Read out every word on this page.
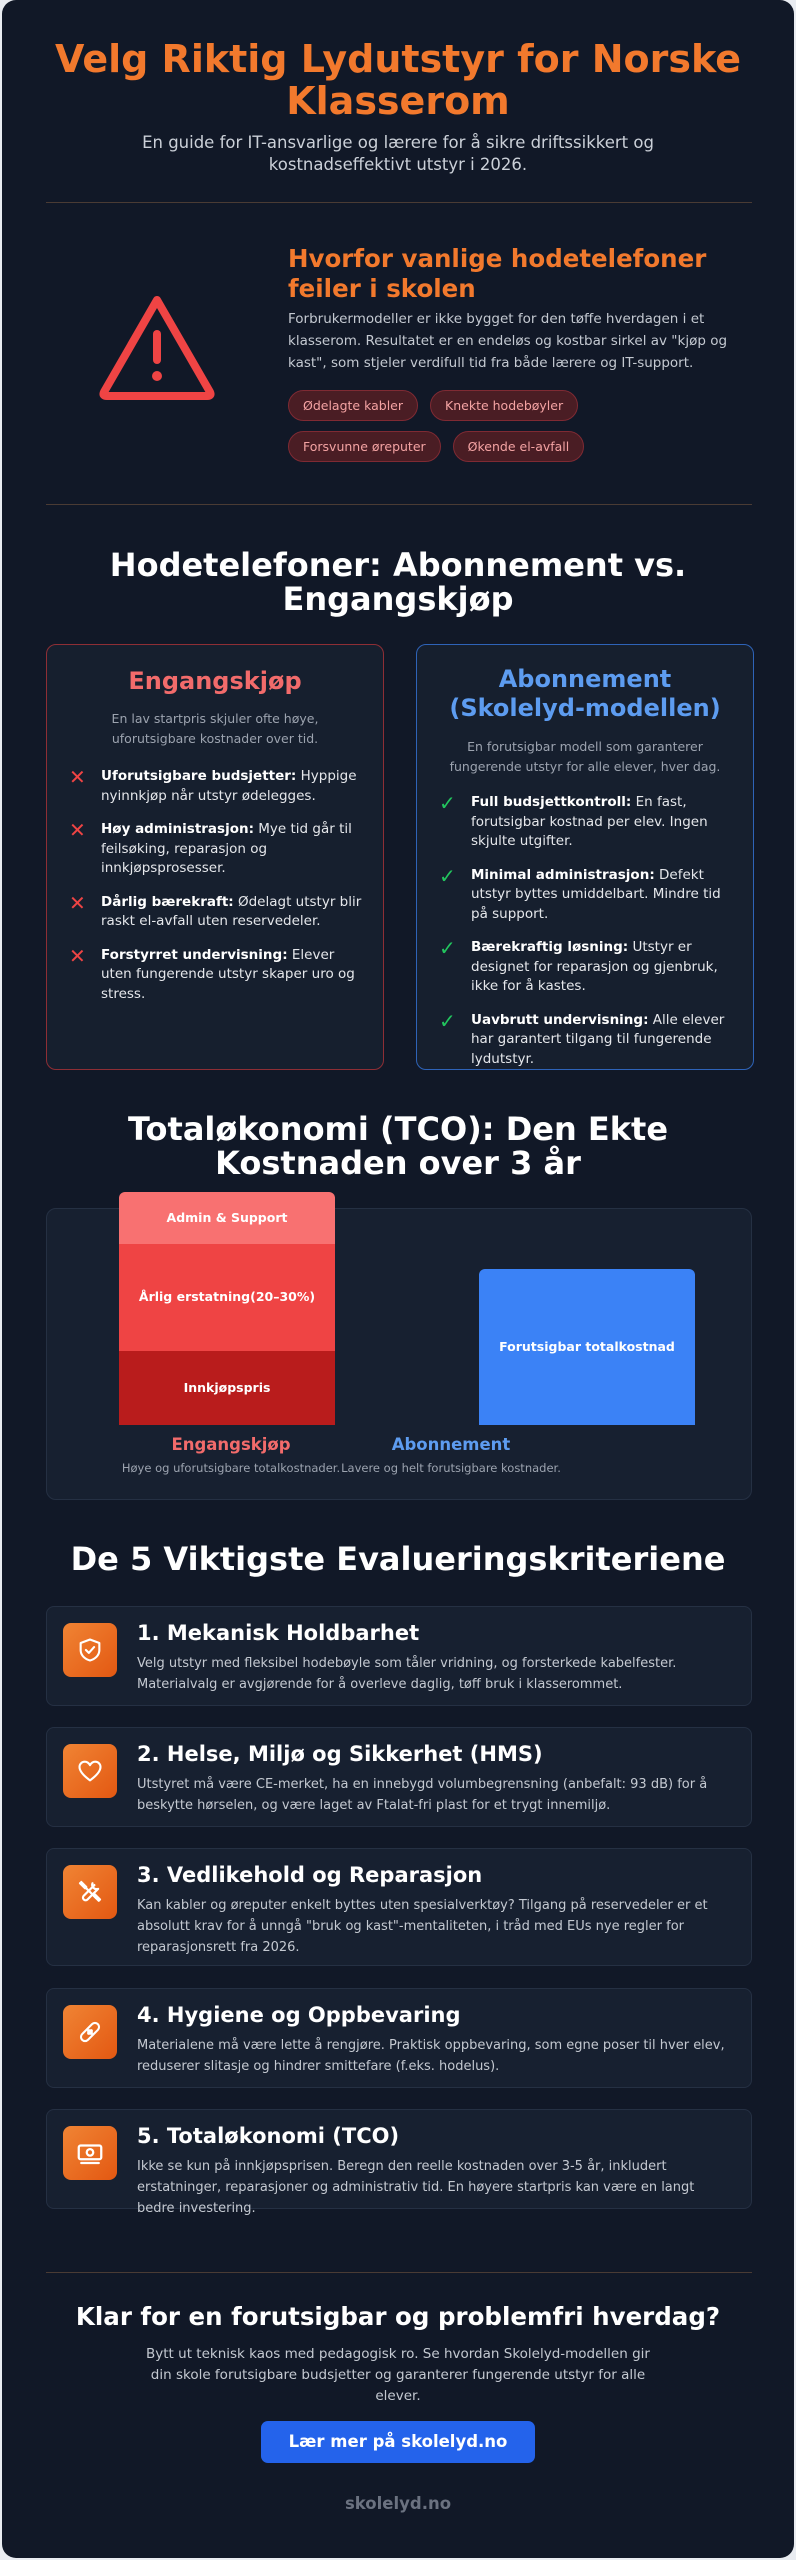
Velg Riktig Lydutstyr for Norske Klasserom

En guide for IT-ansvarlige og lærere for å sikre driftssikkert og kostnadseffektivt utstyr i 2026.

Hvorfor vanlige hodetelefoner feiler i skolen

Forbrukermodeller er ikke bygget for den tøffe hverdagen i et klasserom. Resultatet er en endeløs og kostbar sirkel av "kjøp og kast", som stjeler verdifull tid fra både lærere og IT-support.

Ødelagte kabler	Knekte hodebøyler
Forsvunne øreputer	Økende el-avfall
Hodetelefoner: Abonnement vs. Engangskjøp
Engangskjøp

En lav startpris skjuler ofte høye, uforutsigbare kostnader over tid.

✕ Uforutsigbare budsjetter: Hyppige nyinnkjøp når utstyr ødelegges.
✕ Høy administrasjon: Mye tid går til feilsøking, reparasjon og innkjøpsprosesser.
✕ Dårlig bærekraft: Ødelagt utstyr blir raskt el-avfall uten reservedeler.
✕ Forstyrret undervisning: Elever uten fungerende utstyr skaper uro og stress.
Abonnement (Skolelyd-modellen)

En forutsigbar modell som garanterer fungerende utstyr for alle elever, hver dag.

✓ Full budsjettkontroll: En fast, forutsigbar kostnad per elev. Ingen skjulte utgifter.
✓ Minimal administrasjon: Defekt utstyr byttes umiddelbart. Mindre tid på support.
✓ Bærekraftig løsning: Utstyr er designet for reparasjon og gjenbruk, ikke for å kastes.
✓ Uavbrutt undervisning: Alle elever har garantert tilgang til fungerende lydutstyr.
Totaløkonomi (TCO): Den Ekte Kostnaden over 3 år
Innkjøpspris
Årlig erstatning (20–30%)
Admin & Support
Forutsigbar totalkostnad
Engangskjøp
Høye og uforutsigbare totalkostnader.
Abonnement
Lavere og helt forutsigbare kostnader.
De 5 Viktigste Evalueringskriteriene
1. Mekanisk Holdbarhet

Velg utstyr med fleksibel hodebøyle som tåler vridning, og forsterkede kabelfester. Materialvalg er avgjørende for å overleve daglig, tøff bruk i klasserommet.

2. Helse, Miljø og Sikkerhet (HMS)

Utstyret må være CE-merket, ha en innebygd volumbegrensning (anbefalt: 93 dB) for å beskytte hørselen, og være laget av Ftalat-fri plast for et trygt innemiljø.

3. Vedlikehold og Reparasjon

Kan kabler og øreputer enkelt byttes uten spesialverktøy? Tilgang på reservedeler er et absolutt krav for å unngå "bruk og kast"-mentaliteten, i tråd med EUs nye regler for reparasjonsrett fra 2026.

4. Hygiene og Oppbevaring

Materialene må være lette å rengjøre. Praktisk oppbevaring, som egne poser til hver elev, reduserer slitasje og hindrer smittefare (f.eks. hodelus).

5. Totaløkonomi (TCO)

Ikke se kun på innkjøpsprisen. Beregn den reelle kostnaden over 3-5 år, inkludert erstatninger, reparasjoner og administrativ tid. En høyere startpris kan være en langt bedre investering.

Klar for en forutsigbar og problemfri hverdag?

Bytt ut teknisk kaos med pedagogisk ro. Se hvordan Skolelyd-modellen gir din skole forutsigbare budsjetter og garanterer fungerende utstyr for alle elever.

Lær mer på skolelyd.no
skolelyd.no
